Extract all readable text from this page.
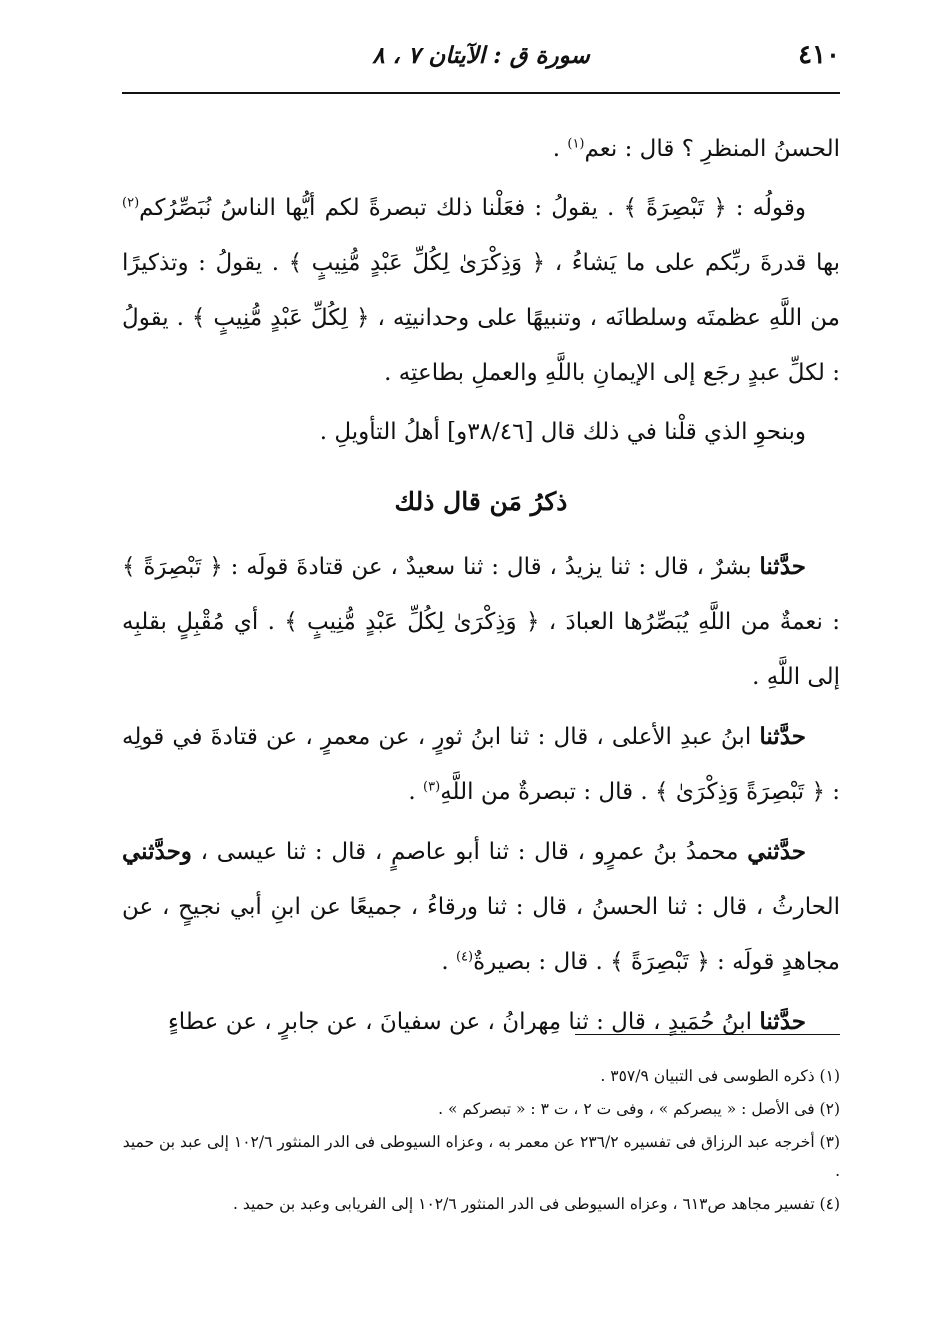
٤١٠
سورة ق : الآيتان ٧ ، ٨

الحسنُ المنظرِ ؟ قال : نعم$^{(١)}$ .

وقولُه : ﴿ تَبْصِرَةً ﴾ . يقولُ : فعَلْنا ذلك تبصرةً لكم أيُّها الناسُ نُبَصِّرُكم$^{(٢)}$ بها قدرةَ ربِّكم على ما يَشاءُ ، ﴿ وَذِكْرَىٰ لِكُلِّ عَبْدٍ مُّنِيبٍ ﴾ . يقولُ : وتذكيرًا من اللَّهِ عظمتَه وسلطانَه ، وتنبيهًا على وحدانيتِه ، ﴿ لِكُلِّ عَبْدٍ مُّنِيبٍ ﴾ . يقولُ : لكلِّ عبدٍ رجَع إلى الإيمانِ باللَّهِ والعملِ بطاعتِه .

وبنحوِ الذي قلْنا في ذلك قال [٣٨/٤٦و] أهلُ التأويلِ .

ذكرُ مَن قال ذلك

حدَّثنا بشرٌ ، قال : ثنا يزيدُ ، قال : ثنا سعيدٌ ، عن قتادةَ قولَه : ﴿ تَبْصِرَةً ﴾ : نعمةٌ من اللَّهِ يُبَصِّرُها العبادَ ، ﴿ وَذِكْرَىٰ لِكُلِّ عَبْدٍ مُّنِيبٍ ﴾ . أي مُقْبِلٍ بقلبِه إلى اللَّهِ .

حدَّثنا ابنُ عبدِ الأعلى ، قال : ثنا ابنُ ثورٍ ، عن معمرٍ ، عن قتادةَ في قولِه : ﴿ تَبْصِرَةً وَذِكْرَىٰ ﴾ . قال : تبصرةٌ من اللَّهِ$^{(٣)}$ .

حدَّثني محمدُ بنُ عمرٍو ، قال : ثنا أبو عاصمٍ ، قال : ثنا عيسى ، وحدَّثني الحارثُ ، قال : ثنا الحسنُ ، قال : ثنا ورقاءُ ، جميعًا عن ابنِ أبي نجيحٍ ، عن مجاهدٍ قولَه : ﴿ تَبْصِرَةً ﴾ . قال : بصيرةٌ$^{(٤)}$ .

حدَّثنا ابنُ حُمَيدٍ ، قال : ثنا مِهرانُ ، عن سفيانَ ، عن جابرٍ ، عن عطاءٍ

(١) ذكره الطوسى فى التبيان ٣٥٧/٩ .

(٢) فى الأصل : « يبصركم » ، وفى ت ٢ ، ت ٣ : « تبصركم » .

(٣) أخرجه عبد الرزاق فى تفسيره ٢٣٦/٢ عن معمر به ، وعزاه السيوطى فى الدر المنثور ١٠٢/٦ إلى عبد بن حميد .

(٤) تفسير مجاهد ص٦١٣ ، وعزاه السيوطى فى الدر المنثور ١٠٢/٦ إلى الفريابى وعبد بن حميد .
